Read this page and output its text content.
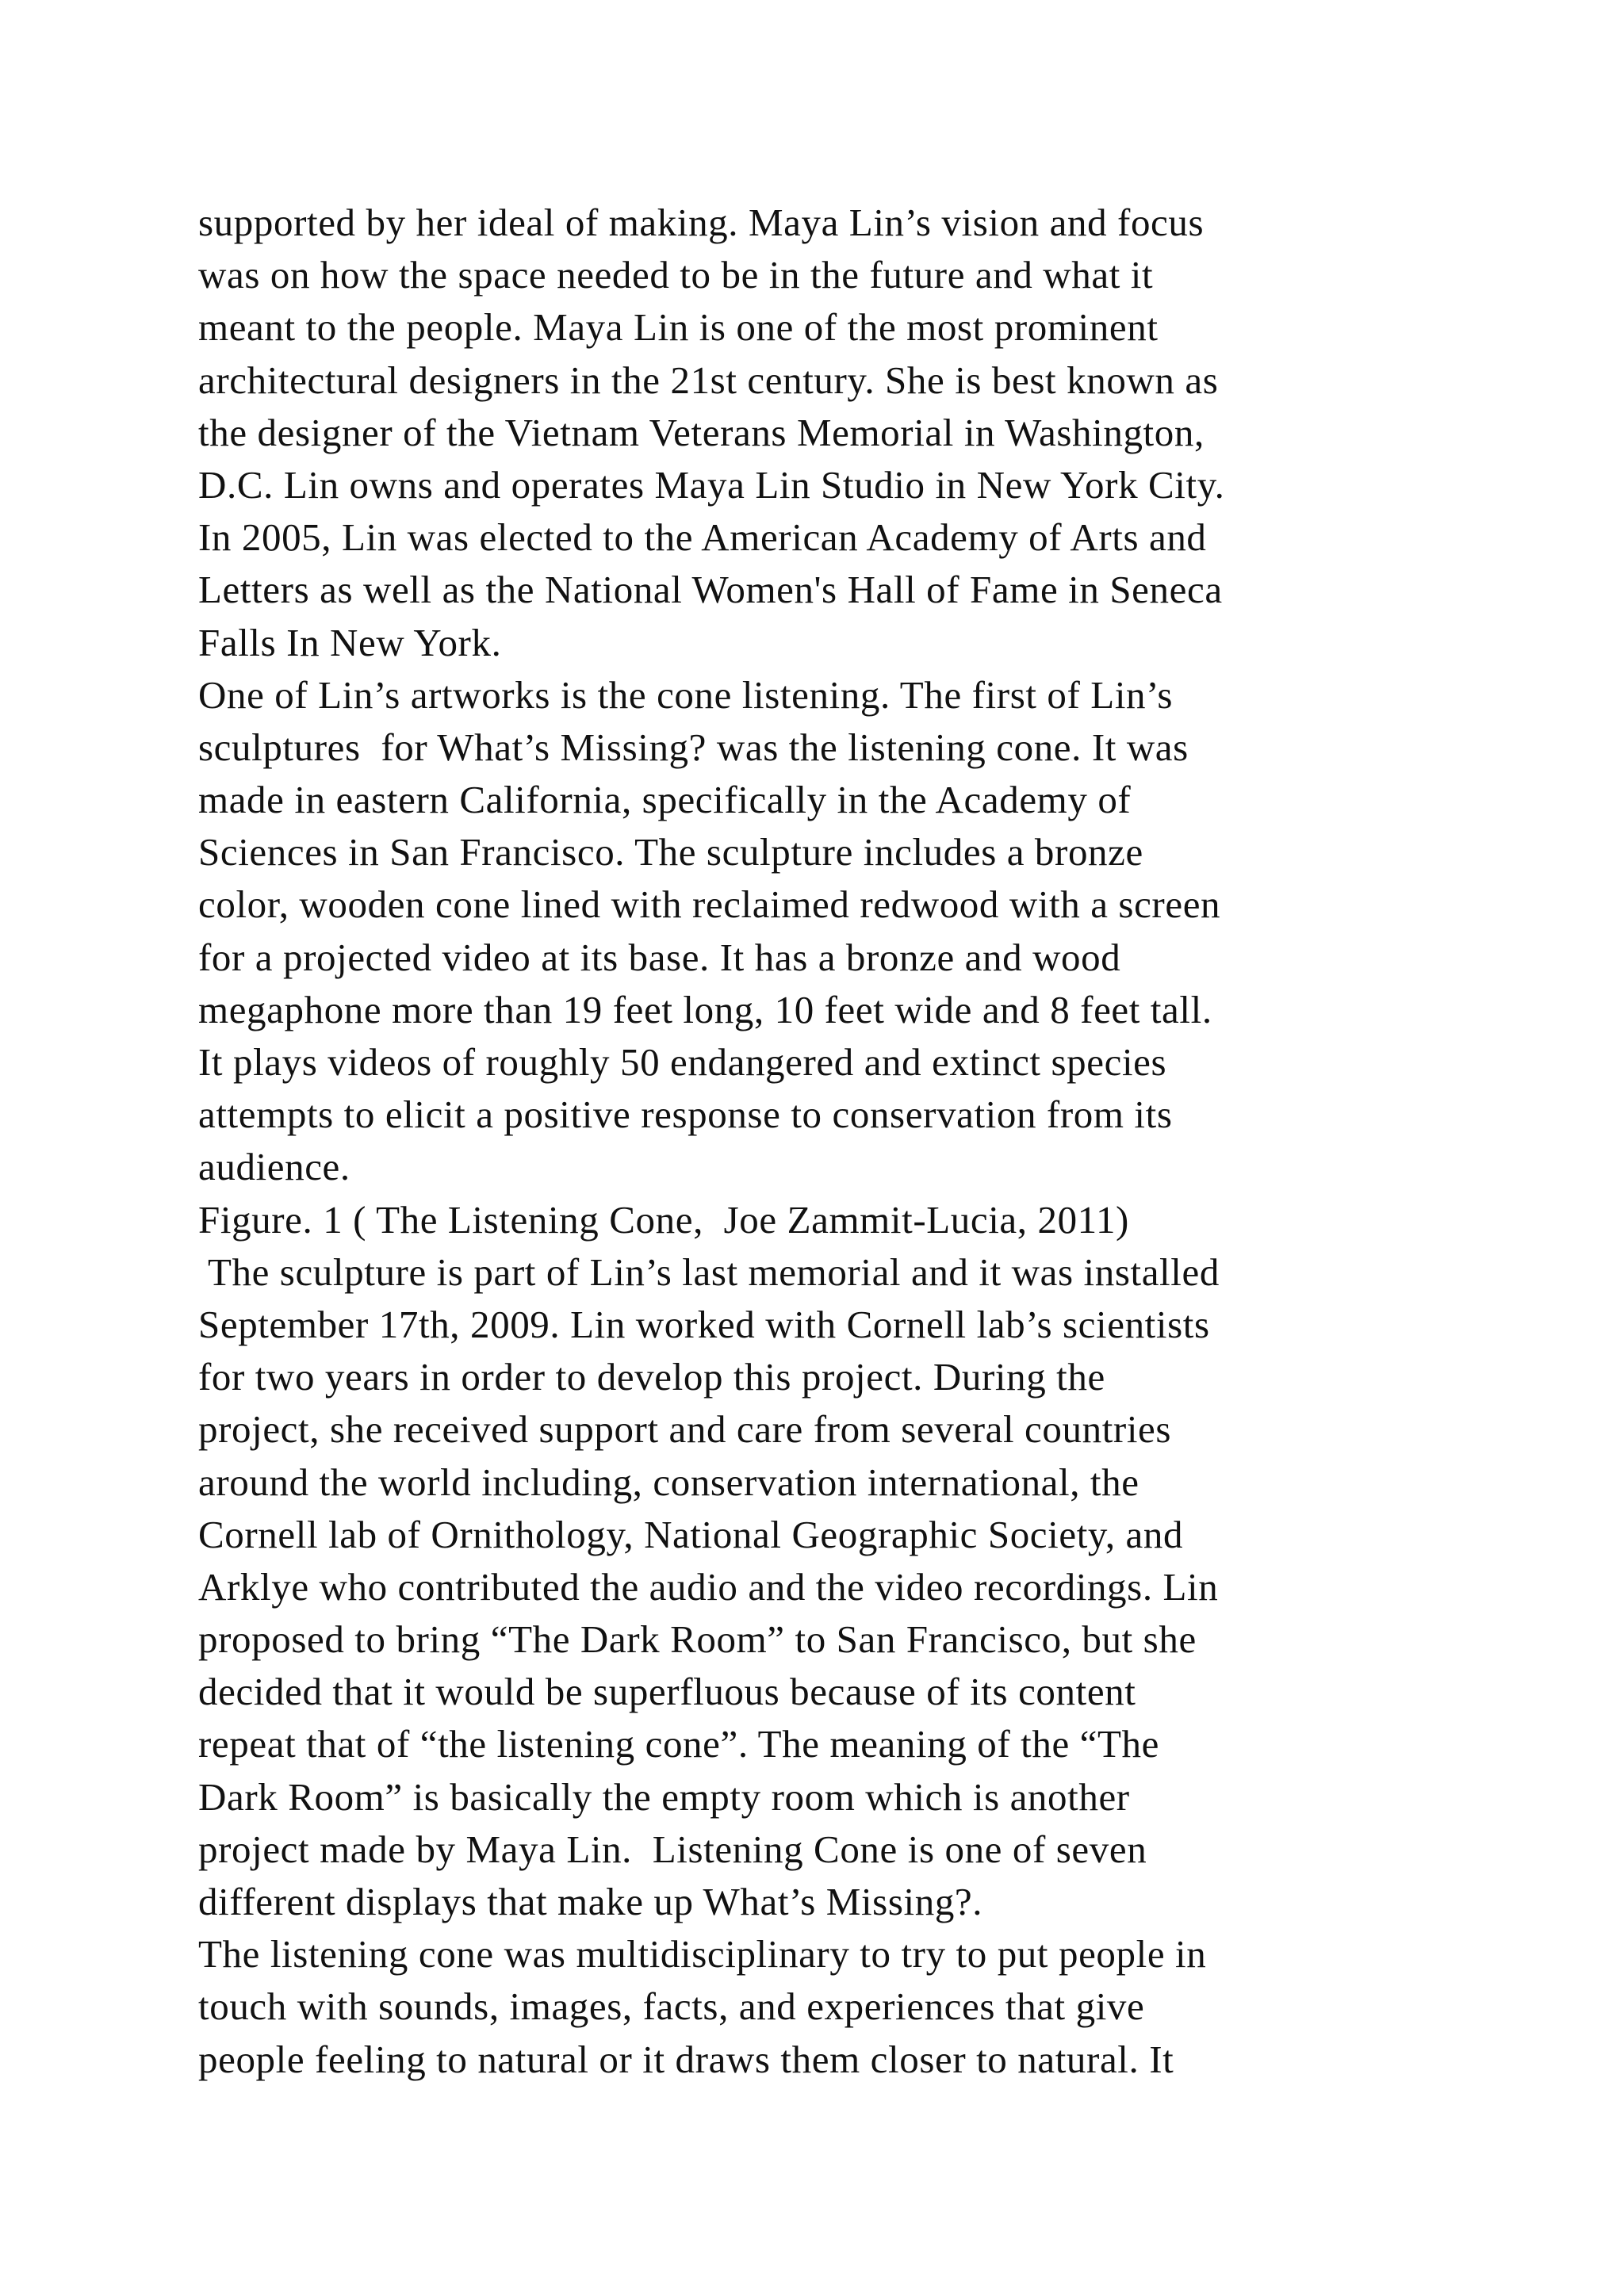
supported by her ideal of making. Maya Lin’s vision and focus
was on how the space needed to be in the future and what it
meant to the people. Maya Lin is one of the most prominent
architectural designers in the 21st century. She is best known as
the designer of the Vietnam Veterans Memorial in Washington,
D.C. Lin owns and operates Maya Lin Studio in New York City.
In 2005, Lin was elected to the American Academy of Arts and
Letters as well as the National Women's Hall of Fame in Seneca
Falls In New York.
One of Lin’s artworks is the cone listening. The first of Lin’s
sculptures  for What’s Missing? was the listening cone. It was
made in eastern California, specifically in the Academy of
Sciences in San Francisco. The sculpture includes a bronze
color, wooden cone lined with reclaimed redwood with a screen
for a projected video at its base. It has a bronze and wood
megaphone more than 19 feet long, 10 feet wide and 8 feet tall.
It plays videos of roughly 50 endangered and extinct species
attempts to elicit a positive response to conservation from its
audience.
Figure. 1 ( The Listening Cone,  Joe Zammit-Lucia, 2011)
The sculpture is part of Lin’s last memorial and it was installed
September 17th, 2009. Lin worked with Cornell lab’s scientists
for two years in order to develop this project. During the
project, she received support and care from several countries
around the world including, conservation international, the
Cornell lab of Ornithology, National Geographic Society, and
Arklye who contributed the audio and the video recordings. Lin
proposed to bring “The Dark Room” to San Francisco, but she
decided that it would be superfluous because of its content
repeat that of “the listening cone”. The meaning of the “The
Dark Room” is basically the empty room which is another
project made by Maya Lin.  Listening Cone is one of seven
different displays that make up What’s Missing?.
The listening cone was multidisciplinary to try to put people in
touch with sounds, images, facts, and experiences that give
people feeling to natural or it draws them closer to natural. It
